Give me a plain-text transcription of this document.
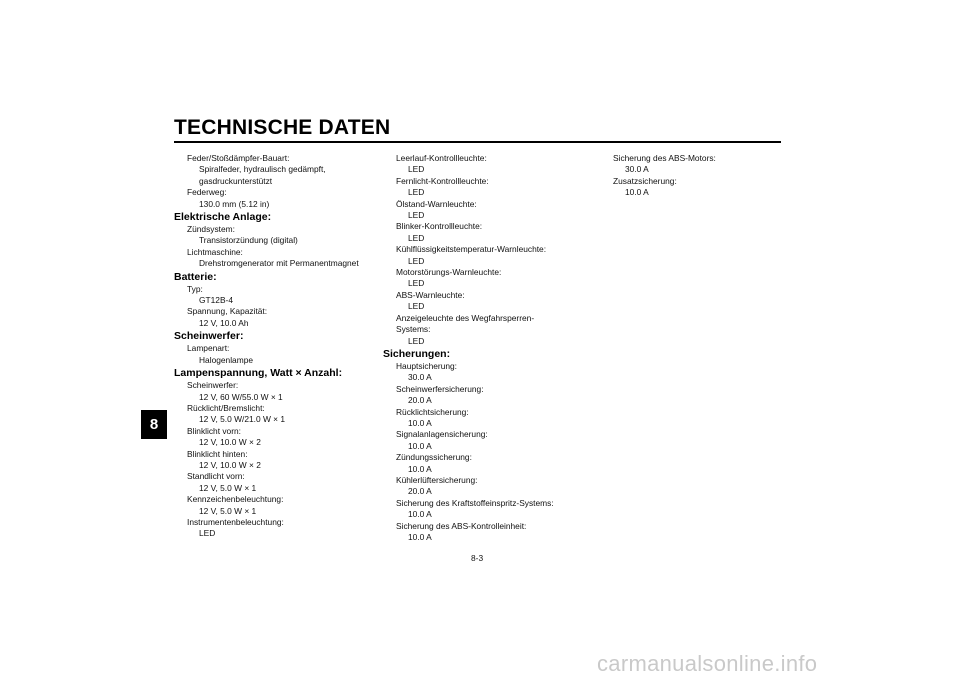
TECHNISCHE DATEN
8
Feder/Stoßdämpfer-Bauart:
Spiralfeder, hydraulisch gedämpft,
gasdruckunterstützt
Federweg:
130.0 mm (5.12 in)
Elektrische Anlage:
Zündsystem:
Transistorzündung (digital)
Lichtmaschine:
Drehstromgenerator mit Permanentmagnet
Batterie:
Typ:
GT12B-4
Spannung, Kapazität:
12 V, 10.0 Ah
Scheinwerfer:
Lampenart:
Halogenlampe
Lampenspannung, Watt × Anzahl:
Scheinwerfer:
12 V, 60 W/55.0 W × 1
Rücklicht/Bremslicht:
12 V, 5.0 W/21.0 W × 1
Blinklicht vorn:
12 V, 10.0 W × 2
Blinklicht hinten:
12 V, 10.0 W × 2
Standlicht vorn:
12 V, 5.0 W × 1
Kennzeichenbeleuchtung:
12 V, 5.0 W × 1
Instrumentenbeleuchtung:
LED
Leerlauf-Kontrollleuchte:
LED
Fernlicht-Kontrollleuchte:
LED
Ölstand-Warnleuchte:
LED
Blinker-Kontrollleuchte:
LED
Kühlflüssigkeitstemperatur-Warnleuchte:
LED
Motorstörungs-Warnleuchte:
LED
ABS-Warnleuchte:
LED
Anzeigeleuchte des Wegfahrsperren-
Systems:
LED
Sicherungen:
Hauptsicherung:
30.0 A
Scheinwerfersicherung:
20.0 A
Rücklichtsicherung:
10.0 A
Signalanlagensicherung:
10.0 A
Zündungssicherung:
10.0 A
Kühlerlüftersicherung:
20.0 A
Sicherung des Kraftstoffeinspritz-Systems:
10.0 A
Sicherung des ABS-Kontrolleinheit:
10.0 A
Sicherung des ABS-Motors:
30.0 A
Zusatzsicherung:
10.0 A
8-3
carmanualsonline.info
